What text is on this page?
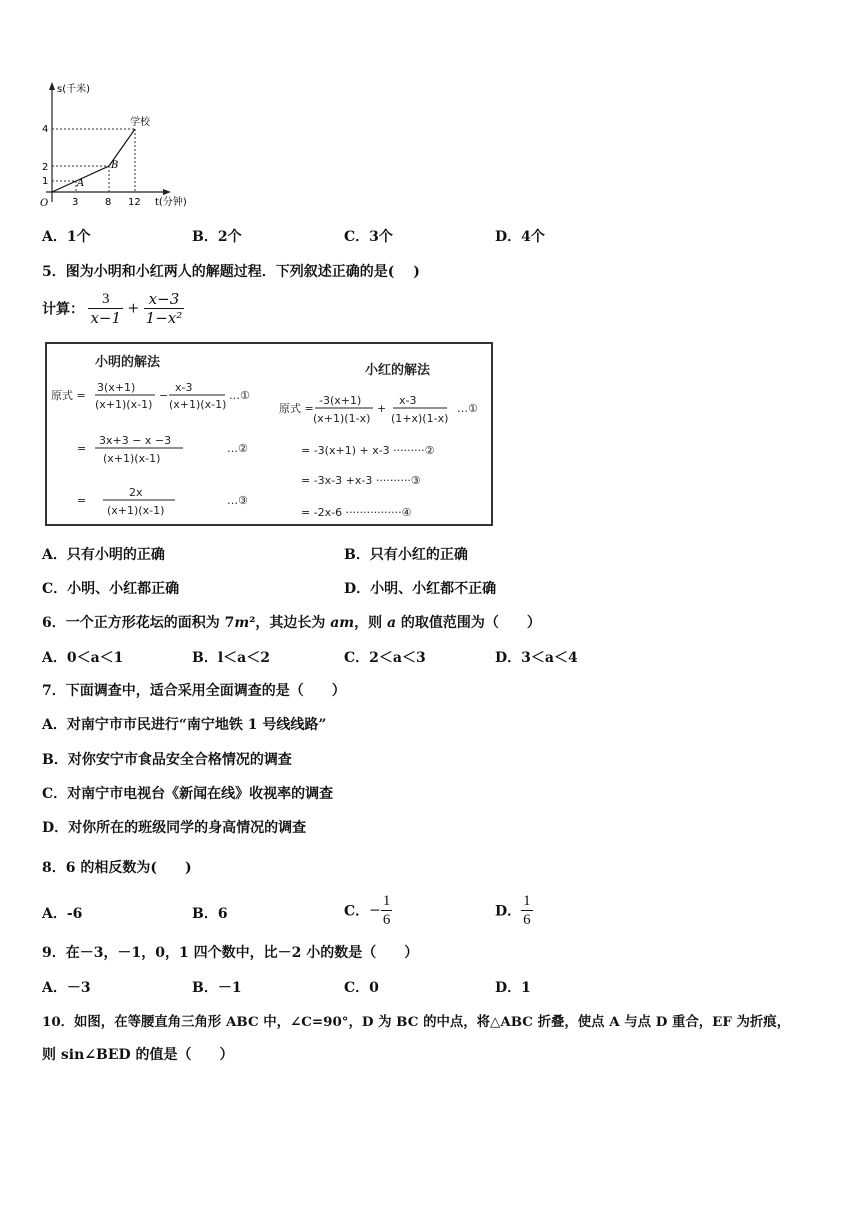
s(千米)
t(分钟)
O
4
2
1
3	8 12
A
B
学校
A．1个	B．2个	C．3个	D．4个
5．图为小明和小红两人的解题过程．下列叙述正确的是(　 )
计算： $\frac{3}{x-1} + \frac{x-3}{\text{1−x²}}$
小明的解法
原式 =
3(x+1)
(x+1)(x-1)
−
x-3
(x+1)(x-1)
…①
=
3x+3 − x −3
(x+1)(x-1)
…②
=
2x
(x+1)(x-1)
…③
小红的解法
原式 =
-3(x+1)
(x+1)(1-x)
+
x-3
(1+x)(1-x)
…①
= -3(x+1) + x-3 ·········②
= -3x-3 +x-3 ··········③
= -2x-6 ················④
A．只有小明的正确	B．只有小红的正确
C．小明、小红都正确	D．小明、小红都不正确
6．一个正方形花坛的面积为 7m²，其边长为 am，则 a 的取值范围为（　　）
A．0＜a＜1	B．l＜a＜2	C．2＜a＜3	D．3＜a＜4
7．下面调查中，适合采用全面调查的是（　　）
A．对南宁市市民进行“南宁地铁 1 号线线路”
B．对你安宁市食品安全合格情况的调查
C．对南宁市电视台《新闻在线》收视率的调查
D．对你所在的班级同学的身高情况的调查
8．6 的相反数为(　　)
A．-6	B．6	C．− $\frac{1}{6}$	D． $\frac{1}{6}$
9．在－3，－1，0，1 四个数中，比－2 小的数是（　　）
A．－3	B．－1	C．0	D．1
10．如图，在等腰直角三角形 ABC 中，∠C=90°，D 为 BC 的中点，将△ABC 折叠，使点 A 与点 D 重合，EF 为折痕，
则 sin∠BED 的值是（　　）
